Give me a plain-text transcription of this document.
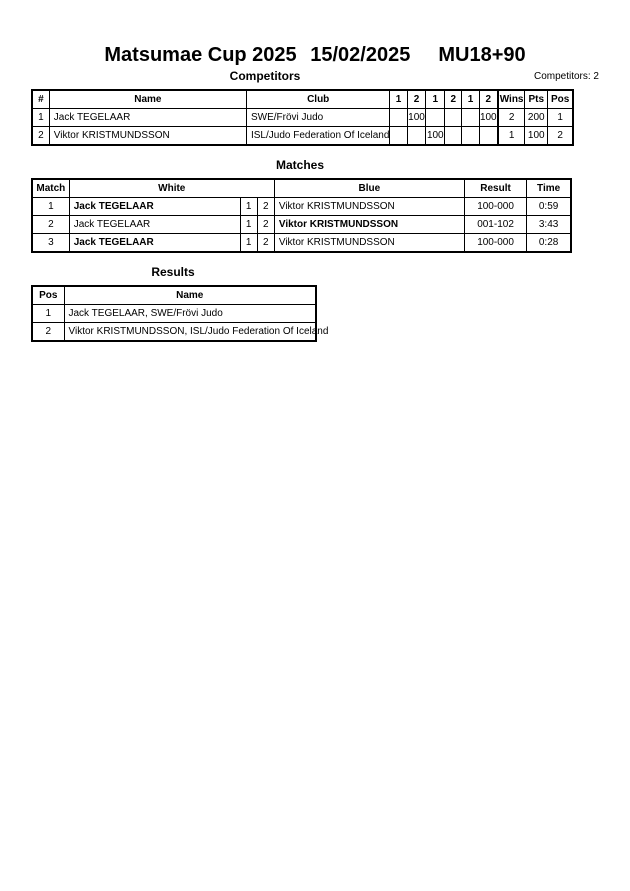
Matsumae Cup 2025 15/02/2025 MU18+90
Competitors	Competitors: 2
#	Name	Club	1	2	1	2	1	2	Wins	Pts	Pos
1	Jack TEGELAAR	SWE/Frövi Judo		100				100	2	200	1
2	Viktor KRISTMUNDSSON	ISL/Judo Federation Of Iceland			100				1	100	2
Matches
Match	White			Blue	Result	Time
1	Jack TEGELAAR	1	2	Viktor KRISTMUNDSSON	100-000	0:59
2	Jack TEGELAAR	1	2	Viktor KRISTMUNDSSON	001-102	3:43
3	Jack TEGELAAR	1	2	Viktor KRISTMUNDSSON	100-000	0:28
Results
Pos	Name
1	Jack TEGELAAR, SWE/Frövi Judo
2	Viktor KRISTMUNDSSON, ISL/Judo Federation Of Iceland
